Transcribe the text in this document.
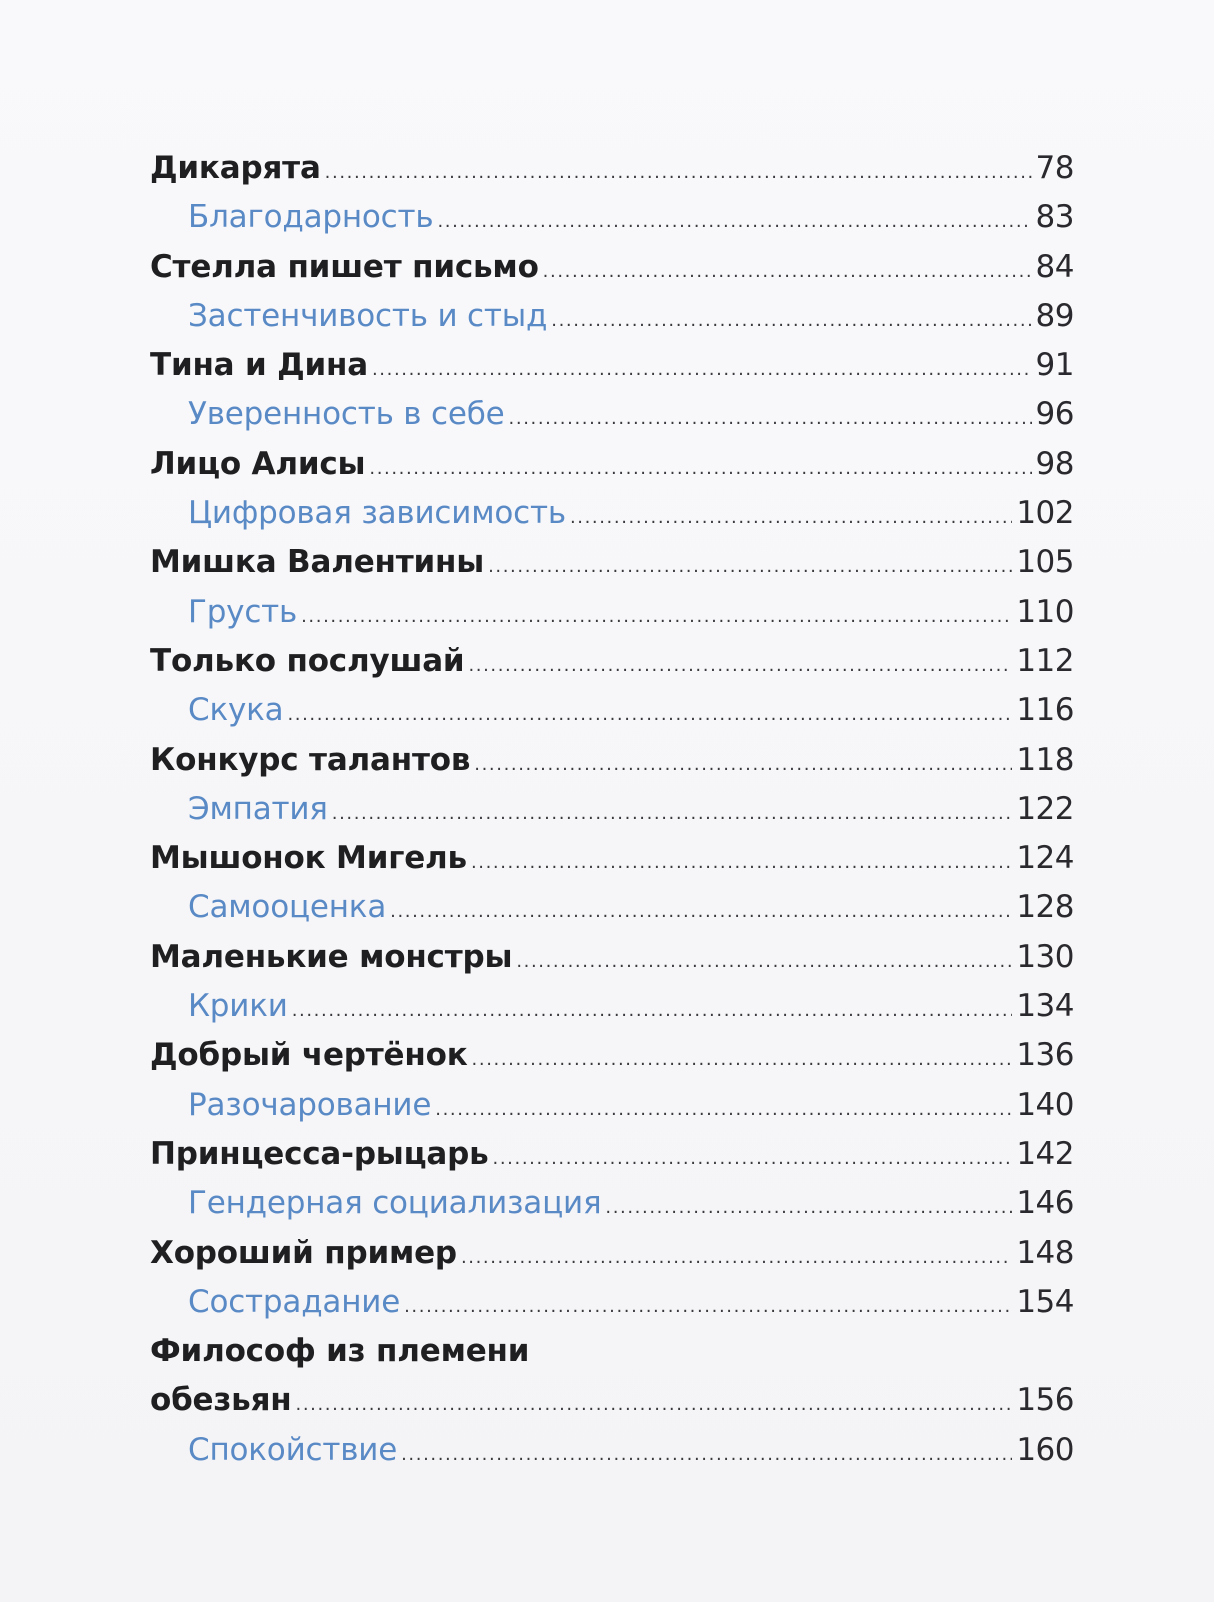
Дикарята .....	78
Благодарность .....	83
Стелла пишет письмо .....	84
Застенчивость и стыд .....	89
Тина и Дина .....	91
Уверенность в себе .....	96
Лицо Алисы .....	98
Цифровая зависимость .....	102
Мишка Валентины .....	105
Грусть .....	110
Только послушай .....	112
Скука .....	116
Конкурс талантов .....	118
Эмпатия .....	122
Мышонок Мигель .....	124
Самооценка .....	128
Маленькие монстры .....	130
Крики .....	134
Добрый чертёнок .....	136
Разочарование .....	140
Принцесса-рыцарь .....	142
Гендерная социализация .....	146
Хороший пример .....	148
Сострадание .....	154
Философ из племени
обезьян .....	156
Спокойствие .....	160
